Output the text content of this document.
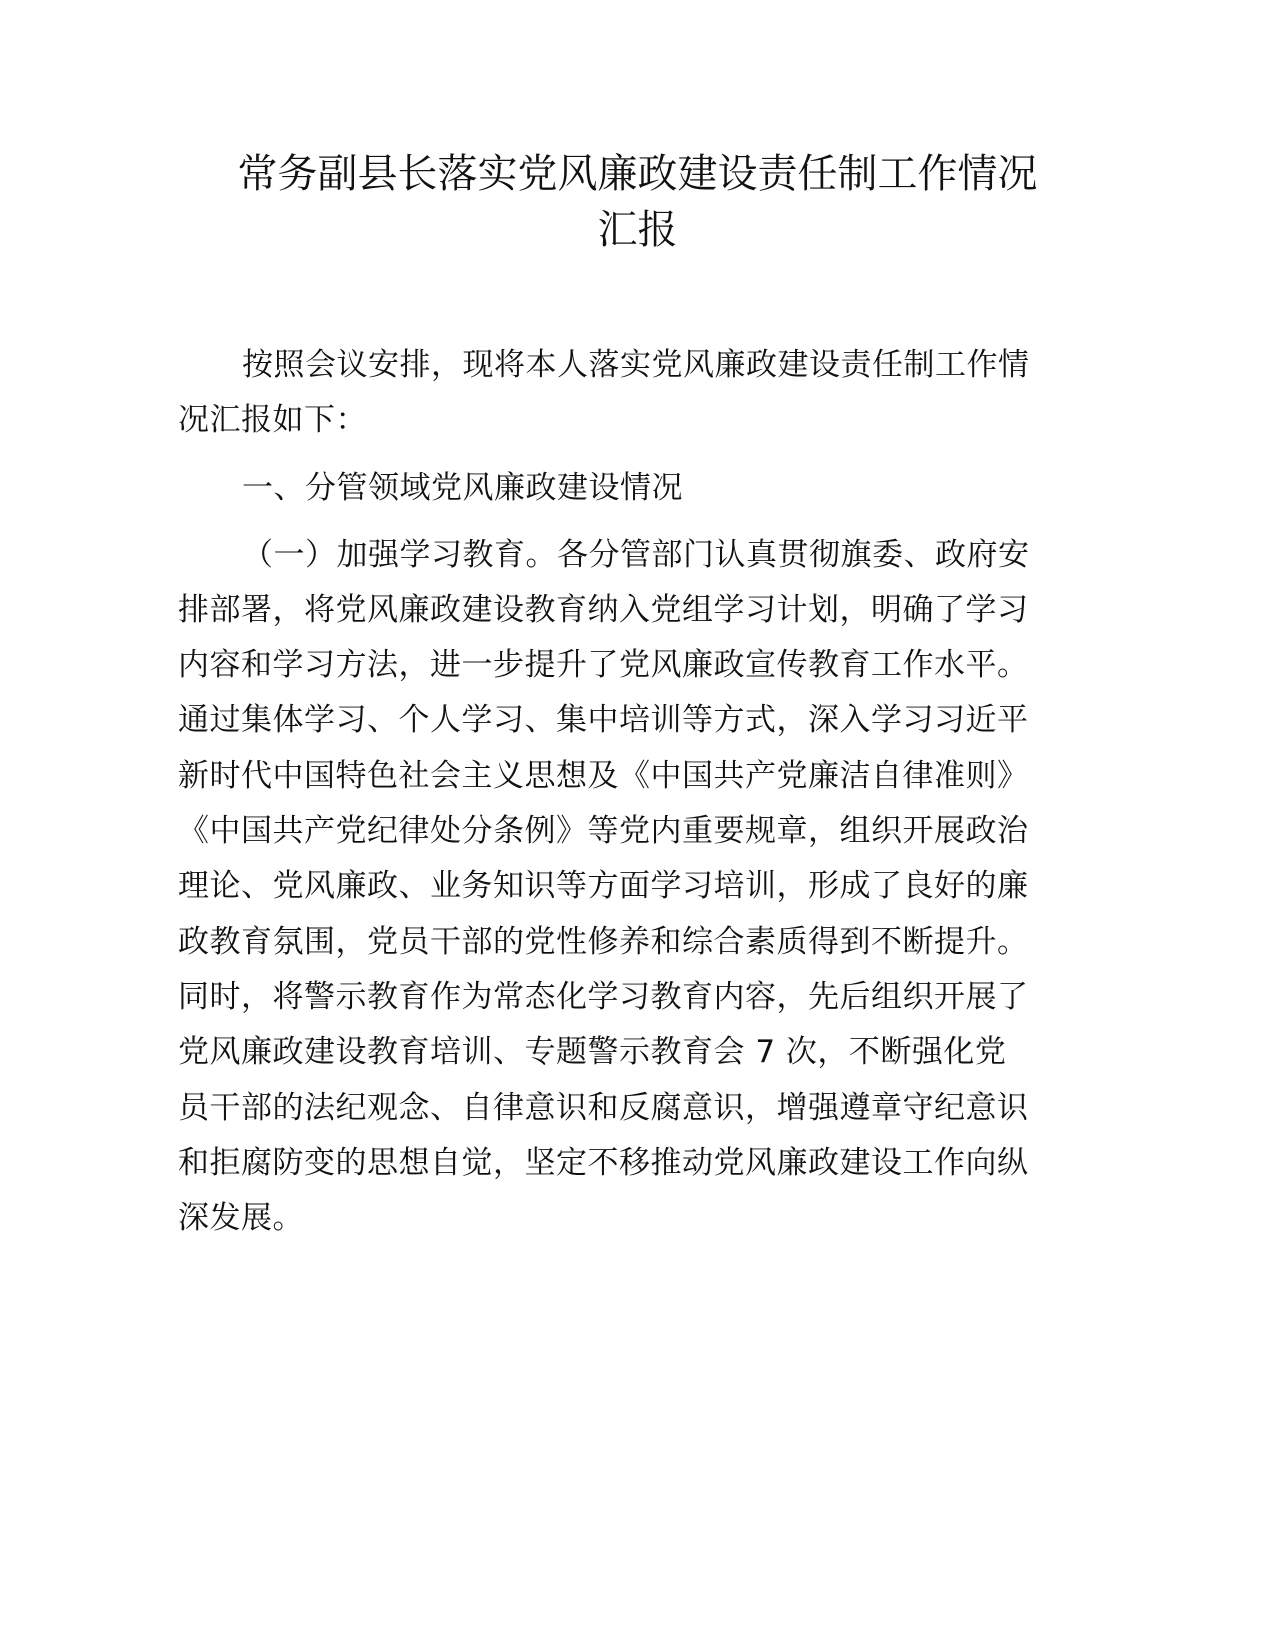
常务副县长落实党风廉政建设责任制工作情况
汇报
按照会议安排，现将本人落实党风廉政建设责任制工作情
况汇报如下：
一、分管领域党风廉政建设情况
（一）加强学习教育。各分管部门认真贯彻旗委、政府安
排部署，将党风廉政建设教育纳入党组学习计划，明确了学习
内容和学习方法，进一步提升了党风廉政宣传教育工作水平。
通过集体学习、个人学习、集中培训等方式，深入学习习近平
新时代中国特色社会主义思想及《中国共产党廉洁自律准则》
《中国共产党纪律处分条例》等党内重要规章，组织开展政治
理论、党风廉政、业务知识等方面学习培训，形成了良好的廉
政教育氛围，党员干部的党性修养和综合素质得到不断提升。
同时，将警示教育作为常态化学习教育内容，先后组织开展了
党风廉政建设教育培训、专题警示教育会 7 次，不断强化党
员干部的法纪观念、自律意识和反腐意识，增强遵章守纪意识
和拒腐防变的思想自觉，坚定不移推动党风廉政建设工作向纵
深发展。
